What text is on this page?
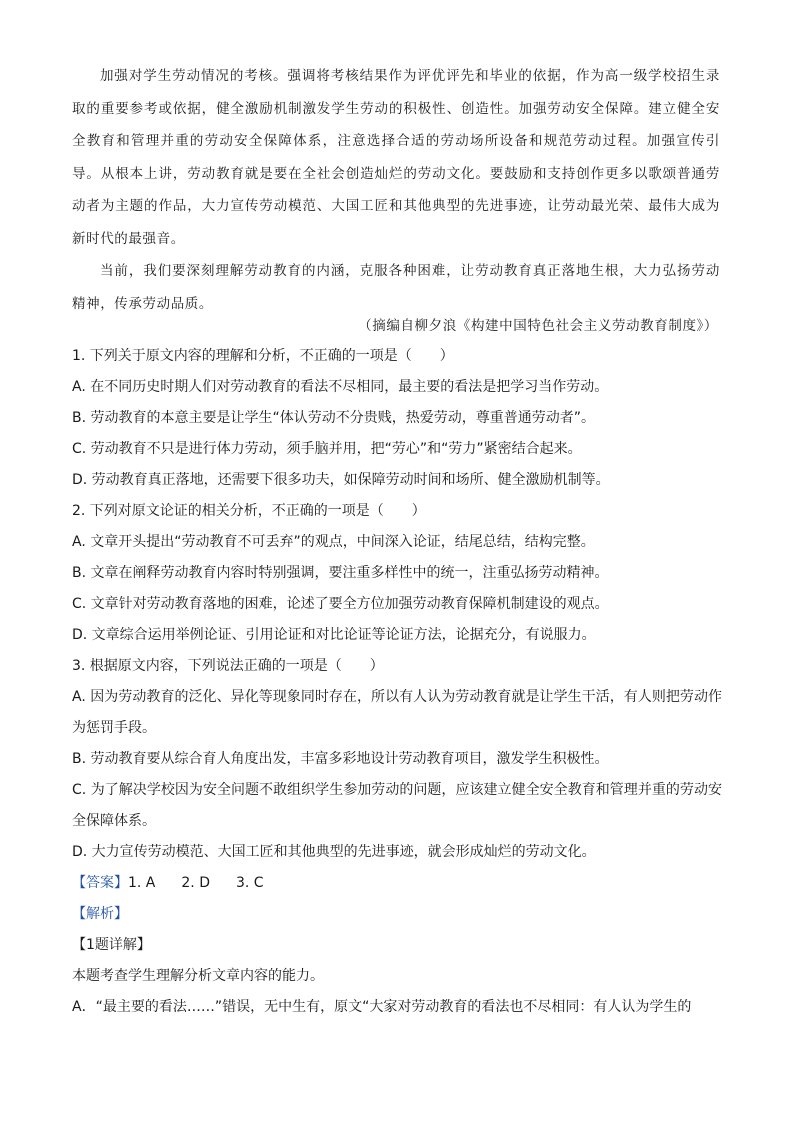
加强对学生劳动情况的考核。强调将考核结果作为评优评先和毕业的依据，作为高一级学校招生录取的重要参考或依据，健全激励机制激发学生劳动的积极性、创造性。加强劳动安全保障。建立健全安全教育和管理并重的劳动安全保障体系，注意选择合适的劳动场所设备和规范劳动过程。加强宣传引导。从根本上讲，劳动教育就是要在全社会创造灿烂的劳动文化。要鼓励和支持创作更多以歌颂普通劳动者为主题的作品，大力宣传劳动模范、大国工匠和其他典型的先进事迹，让劳动最光荣、最伟大成为新时代的最强音。

当前，我们要深刻理解劳动教育的内涵，克服各种困难，让劳动教育真正落地生根，大力弘扬劳动精神，传承劳动品质。

（摘编自柳夕浪《构建中国特色社会主义劳动教育制度》）

1. 下列关于原文内容的理解和分析，不正确的一项是（　　）

A. 在不同历史时期人们对劳动教育的看法不尽相同，最主要的看法是把学习当作劳动。

B. 劳动教育的本意主要是让学生“体认劳动不分贵贱，热爱劳动，尊重普通劳动者”。

C. 劳动教育不只是进行体力劳动，须手脑并用，把“劳心”和“劳力”紧密结合起来。

D. 劳动教育真正落地，还需要下很多功夫，如保障劳动时间和场所、健全激励机制等。

2. 下列对原文论证的相关分析，不正确的一项是（　　）

A. 文章开头提出“劳动教育不可丢弃”的观点，中间深入论证，结尾总结，结构完整。

B. 文章在阐释劳动教育内容时特别强调，要注重多样性中的统一，注重弘扬劳动精神。

C. 文章针对劳动教育落地的困难，论述了要全方位加强劳动教育保障机制建设的观点。

D. 文章综合运用举例论证、引用论证和对比论证等论证方法，论据充分，有说服力。

3. 根据原文内容，下列说法正确的一项是（　　）

A. 因为劳动教育的泛化、异化等现象同时存在，所以有人认为劳动教育就是让学生干活，有人则把劳动作为惩罚手段。

B. 劳动教育要从综合育人角度出发，丰富多彩地设计劳动教育项目，激发学生积极性。

C. 为了解决学校因为安全问题不敢组织学生参加劳动的问题，应该建立健全安全教育和管理并重的劳动安全保障体系。

D. 大力宣传劳动模范、大国工匠和其他典型的先进事迹，就会形成灿烂的劳动文化。

【答案】 1. A 2. D 3. C

【解析】

【1题详解】

本题考查学生理解分析文章内容的能力。

A．“最主要的看法……”错误，无中生有，原文“大家对劳动教育的看法也不尽相同：有人认为学生的
